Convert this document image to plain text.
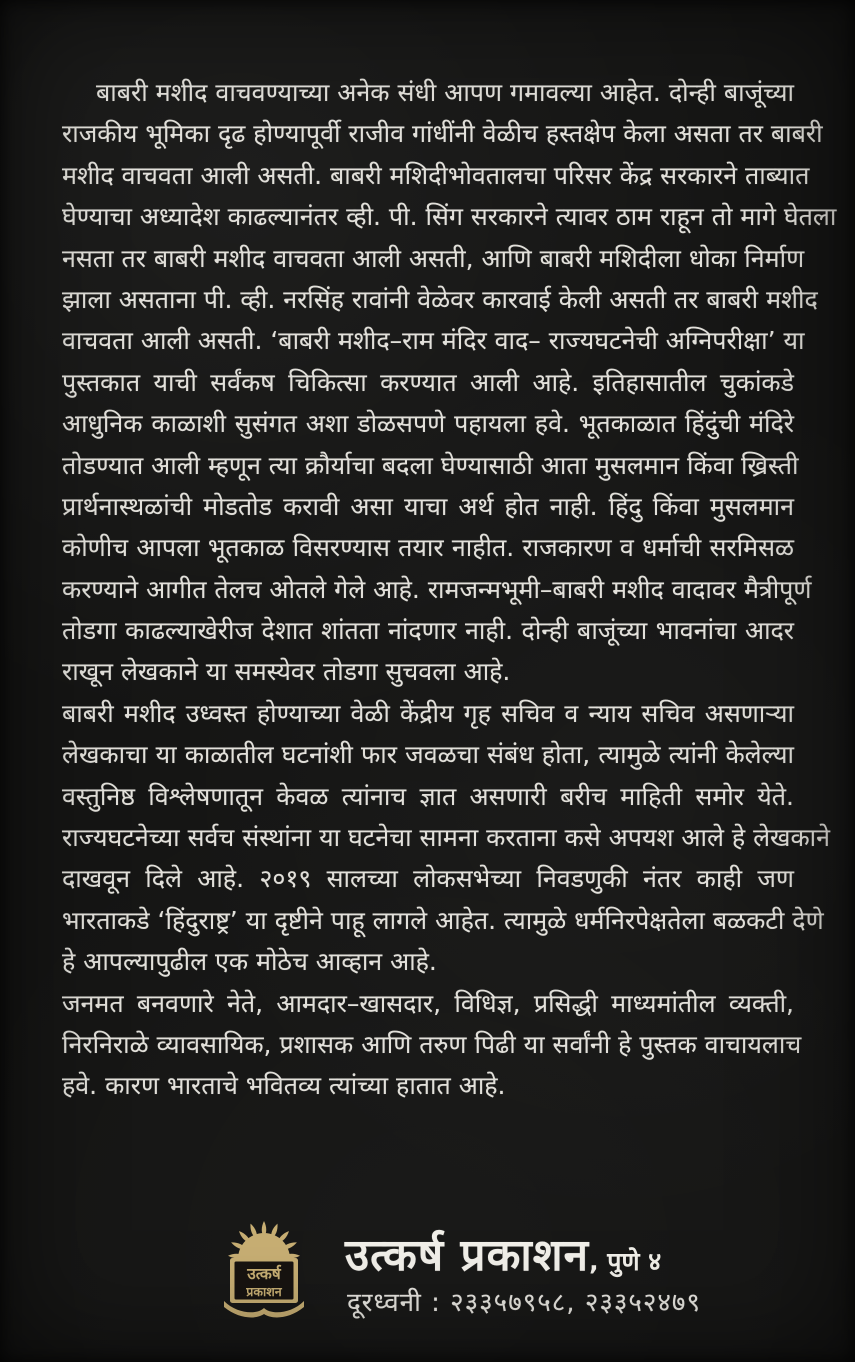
बाबरी मशीद वाचवण्याच्या अनेक संधी आपण गमावल्या आहेत. दोन्ही बाजूंच्या
राजकीय भूमिका दृढ होण्यापूर्वी राजीव गांधींनी वेळीच हस्तक्षेप केला असता तर बाबरी
मशीद वाचवता आली असती. बाबरी मशिदीभोवतालचा परिसर केंद्र सरकारने ताब्यात
घेण्याचा अध्यादेश काढल्यानंतर व्ही. पी. सिंग सरकारने त्यावर ठाम राहून तो मागे घेतला
नसता तर बाबरी मशीद वाचवता आली असती, आणि बाबरी मशिदीला धोका निर्माण
झाला असताना पी. व्ही. नरसिंह रावांनी वेळेवर कारवाई केली असती तर बाबरी मशीद
वाचवता आली असती. ‘बाबरी मशीद–राम मंदिर वाद– राज्यघटनेची अग्निपरीक्षा’ या
पुस्तकात याची सर्वंकष चिकित्सा करण्यात आली आहे. इतिहासातील चुकांकडे
आधुनिक काळाशी सुसंगत अशा डोळसपणे पहायला हवे. भूतकाळात हिंदुंची मंदिरे
तोडण्यात आली म्हणून त्या क्रौर्याचा बदला घेण्यासाठी आता मुसलमान किंवा ख्रिस्ती
प्रार्थनास्थळांची मोडतोड करावी असा याचा अर्थ होत नाही. हिंदु किंवा मुसलमान
कोणीच आपला भूतकाळ विसरण्यास तयार नाहीत. राजकारण व धर्माची सरमिसळ
करण्याने आगीत तेलच ओतले गेले आहे. रामजन्मभूमी–बाबरी मशीद वादावर मैत्रीपूर्ण
तोडगा काढल्याखेरीज देशात शांतता नांदणार नाही. दोन्ही बाजूंच्या भावनांचा आदर
राखून लेखकाने या समस्येवर तोडगा सुचवला आहे.
बाबरी मशीद उध्वस्त होण्याच्या वेळी केंद्रीय गृह सचिव व न्याय सचिव असणाऱ्या
लेखकाचा या काळातील घटनांशी फार जवळचा संबंध होता, त्यामुळे त्यांनी केलेल्या
वस्तुनिष्ठ विश्लेषणातून केवळ त्यांनाच ज्ञात असणारी बरीच माहिती समोर येते.
राज्यघटनेच्या सर्वच संस्थांना या घटनेचा सामना करताना कसे अपयश आले हे लेखकाने
दाखवून दिले आहे. २०१९ सालच्या लोकसभेच्या निवडणुकी नंतर काही जण
भारताकडे ‘हिंदुराष्ट्र’ या दृष्टीने पाहू लागले आहेत. त्यामुळे धर्मनिरपेक्षतेला बळकटी देणे
हे आपल्यापुढील एक मोठेच आव्हान आहे.
जनमत बनवणारे नेते, आमदार–खासदार, विधिज्ञ, प्रसिद्धी माध्यमांतील व्यक्ती,
निरनिराळे व्यावसायिक, प्रशासक आणि तरुण पिढी या सर्वांनी हे पुस्तक वाचायलाच
हवे. कारण भारताचे भवितव्य त्यांच्या हातात आहे.
उत्कर्ष
प्रकाशन
उत्कर्ष प्रकाशन, पुणे ४
दूरध्वनी : २३३५७९५८, २३३५२४७९
